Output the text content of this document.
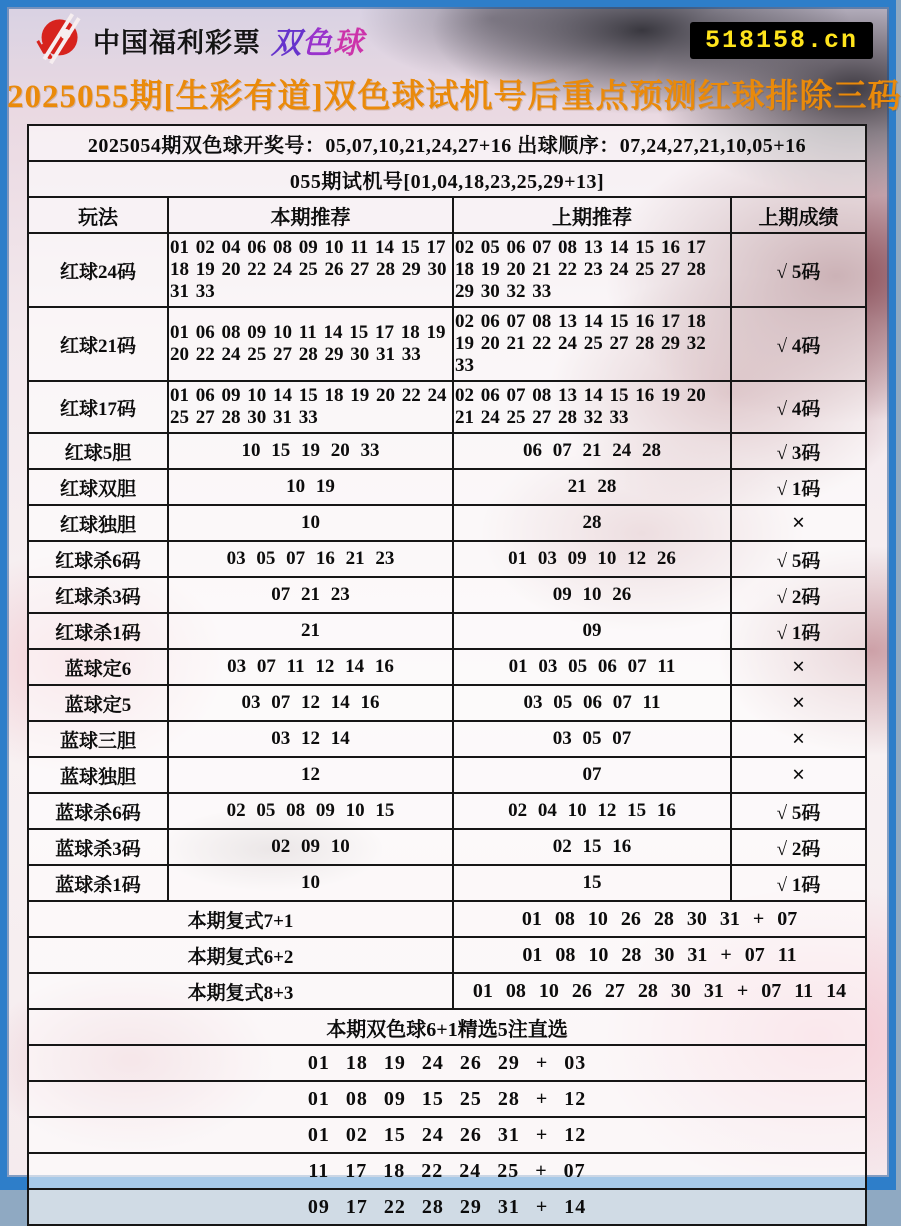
中国福利彩票 双色球	518158.cn
2025055期[生彩有道]双色球试机号后重点预测红球排除三码
2025054期双色球开奖号：05,07,10,21,24,27+16 出球顺序：07,24,27,21,10,05+16			
055期试机号[01,04,18,23,25,29+13]			
玩法	本期推荐	上期推荐	上期成绩
红球24码	01 02 04 06 08 09 10 11 14 15 17 18 19 20 22 24 25 26 27 28 29 30 31 33	02 05 06 07 08 13 14 15 16 17 18 19 20 21 22 23 24 25 27 28 29 30 32 33	√ 5码
红球21码	01 06 08 09 10 11 14 15 17 18 19 20 22 24 25 27 28 29 30 31 33	02 06 07 08 13 14 15 16 17 18 19 20 21 22 24 25 27 28 29 32 33	√ 4码
红球17码	01 06 09 10 14 15 18 19 20 22 24 25 27 28 30 31 33	02 06 07 08 13 14 15 16 19 20 21 24 25 27 28 32 33	√ 4码
红球5胆	10 15 19 20 33	06 07 21 24 28	√ 3码
红球双胆	10 19	21 28	√ 1码
红球独胆	10	28	×
红球杀6码	03 05 07 16 21 23	01 03 09 10 12 26	√ 5码
红球杀3码	07 21 23	09 10 26	√ 2码
红球杀1码	21	09	√ 1码
蓝球定6	03 07 11 12 14 16	01 03 05 06 07 11	×
蓝球定5	03 07 12 14 16	03 05 06 07 11	×
蓝球三胆	03 12 14	03 05 07	×
蓝球独胆	12	07	×
蓝球杀6码	02 05 08 09 10 15	02 04 10 12 15 16	√ 5码
蓝球杀3码	02 09 10	02 15 16	√ 2码
蓝球杀1码	10	15	√ 1码
本期复式7+1		01 08 10 26 28 30 31 + 07	
本期复式6+2		01 08 10 28 30 31 + 07 11	
本期复式8+3		01 08 10 26 27 28 30 31 + 07 11 14	
本期双色球6+1精选5注直选			
01 18 19 24 26 29 + 03			
01 08 09 15 25 28 + 12			
01 02 15 24 26 31 + 12			
11 17 18 22 24 25 + 07			
09 17 22 28 29 31 + 14			
